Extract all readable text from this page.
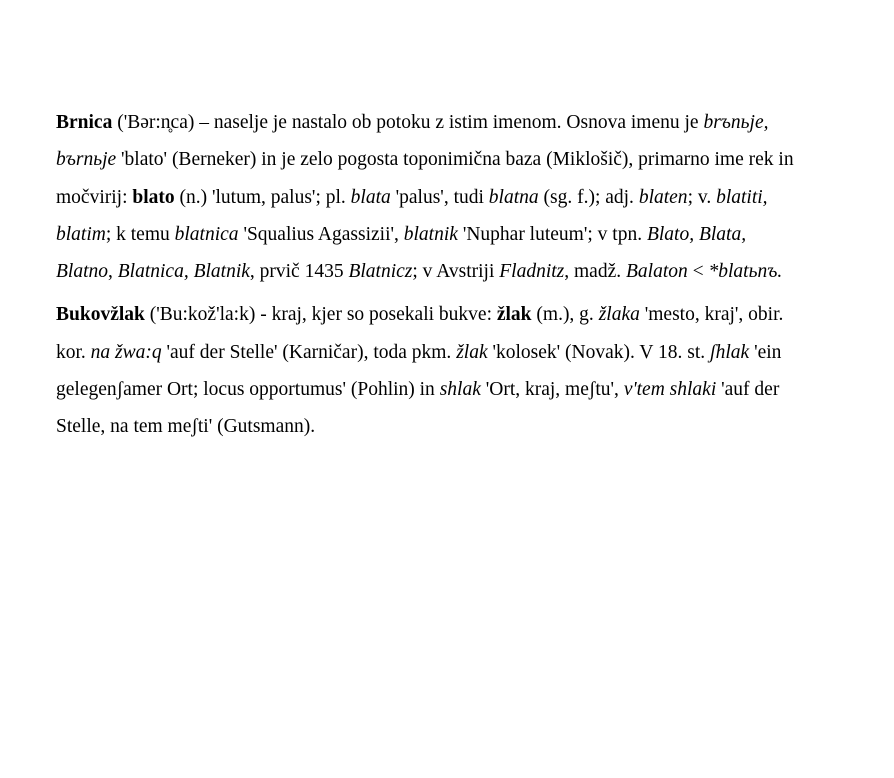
Brnica ('Bər:n̥ca) – naselje je nastalo ob potoku z istim imenom. Osnova imenu je brъnьje,
bъrnьje 'blato' (Berneker) in je zelo pogosta toponimična baza (Miklošič), primarno ime rek in
močvirij: blato (n.) 'lutum, palus'; pl. blata 'palus', tudi blatna (sg. f.); adj. blaten; v. blatiti,
blatim; k temu blatnica 'Squalius Agassizii', blatnik 'Nuphar luteum'; v tpn. Blato, Blata,
Blatno, Blatnica, Blatnik, prvič 1435 Blatnicz; v Avstriji Fladnitz, madž. Balaton < *blatьnъ.

Bukovžlak ('Bu:kož'la:k) - kraj, kjer so posekali bukve: žlak (m.), g. žlaka 'mesto, kraj', obir.
kor. na žwa:q 'auf der Stelle' (Karničar), toda pkm. žlak 'kolosek' (Novak). V 18. st. ʃhlak 'ein
gelegenʃamer Ort; locus opportumus' (Pohlin) in shlak 'Ort, kraj, meʃtu', v'tem shlaki 'auf der
Stelle, na tem meʃti' (Gutsmann).
